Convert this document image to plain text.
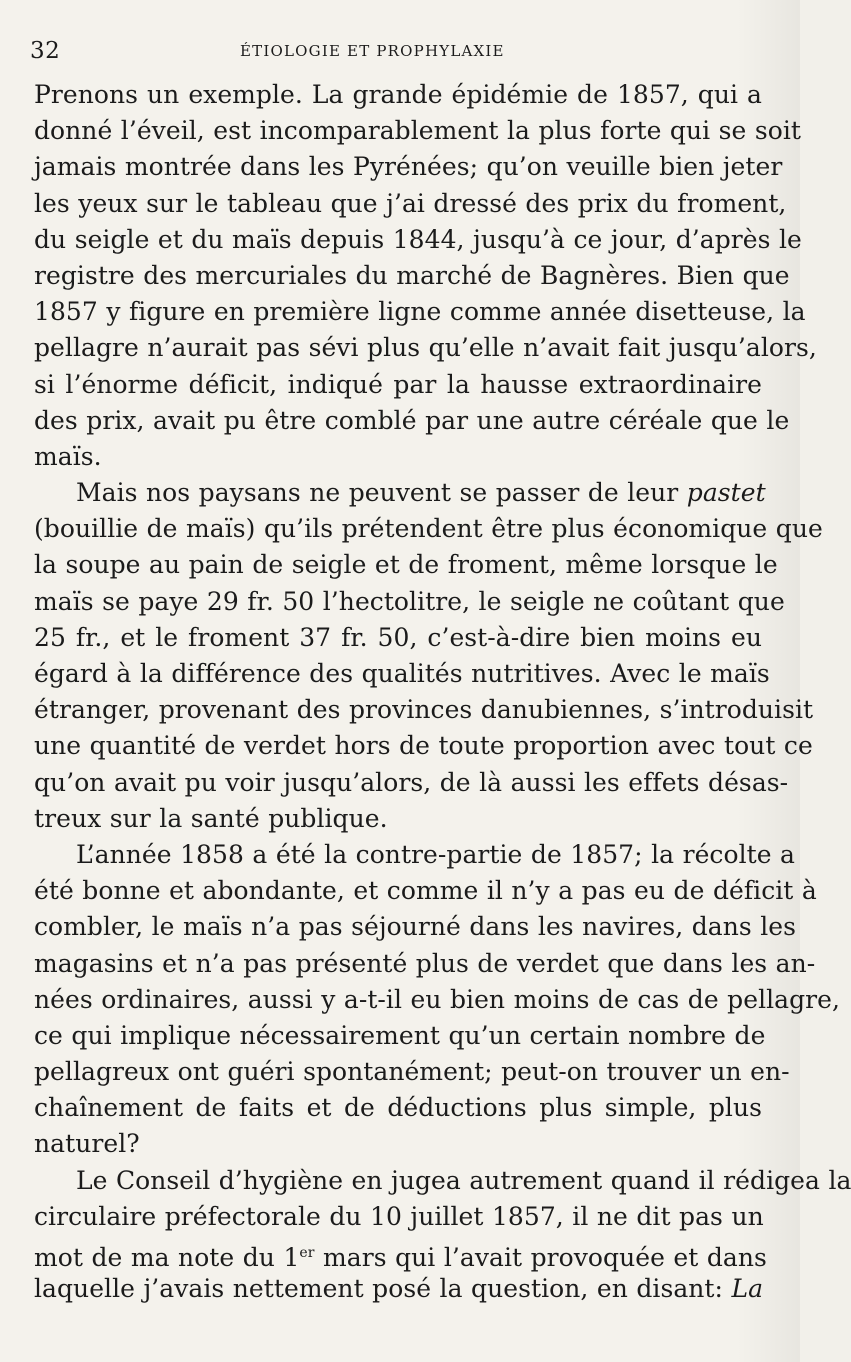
32	ÉTIOLOGIE ET PROPHYLAXIE
Prenons un exemple. La grande épidémie de 1857, qui a
donné l’éveil, est incomparablement la plus forte qui se soit
jamais montrée dans les Pyrénées; qu’on veuille bien jeter
les yeux sur le tableau que j’ai dressé des prix du froment,
du seigle et du maïs depuis 1844, jusqu’à ce jour, d’après le
registre des mercuriales du marché de Bagnères. Bien que
1857 y figure en première ligne comme année disetteuse, la
pellagre n’aurait pas sévi plus qu’elle n’avait fait jusqu’alors,
si l’énorme déficit, indiqué par la hausse extraordinaire
des prix, avait pu être comblé par une autre céréale que le
maïs.
Mais nos paysans ne peuvent se passer de leur pastet
(bouillie de maïs) qu’ils prétendent être plus économique que
la soupe au pain de seigle et de froment, même lorsque le
maïs se paye 29 fr. 50 l’hectolitre, le seigle ne coûtant que
25 fr., et le froment 37 fr. 50, c’est-à-dire bien moins eu
égard à la différence des qualités nutritives. Avec le maïs
étranger, provenant des provinces danubiennes, s’introduisit
une quantité de verdet hors de toute proportion avec tout ce
qu’on avait pu voir jusqu’alors, de là aussi les effets désas-
treux sur la santé publique.
L’année 1858 a été la contre-partie de 1857; la récolte a
été bonne et abondante, et comme il n’y a pas eu de déficit à
combler, le maïs n’a pas séjourné dans les navires, dans les
magasins et n’a pas présenté plus de verdet que dans les an-
nées ordinaires, aussi y a-t-il eu bien moins de cas de pellagre,
ce qui implique nécessairement qu’un certain nombre de
pellagreux ont guéri spontanément; peut-on trouver un en-
chaînement de faits et de déductions plus simple, plus
naturel?
Le Conseil d’hygiène en jugea autrement quand il rédigea la
circulaire préfectorale du 10 juillet 1857, il ne dit pas un
mot de ma note du 1er mars qui l’avait provoquée et dans
laquelle j’avais nettement posé la question, en disant: La
